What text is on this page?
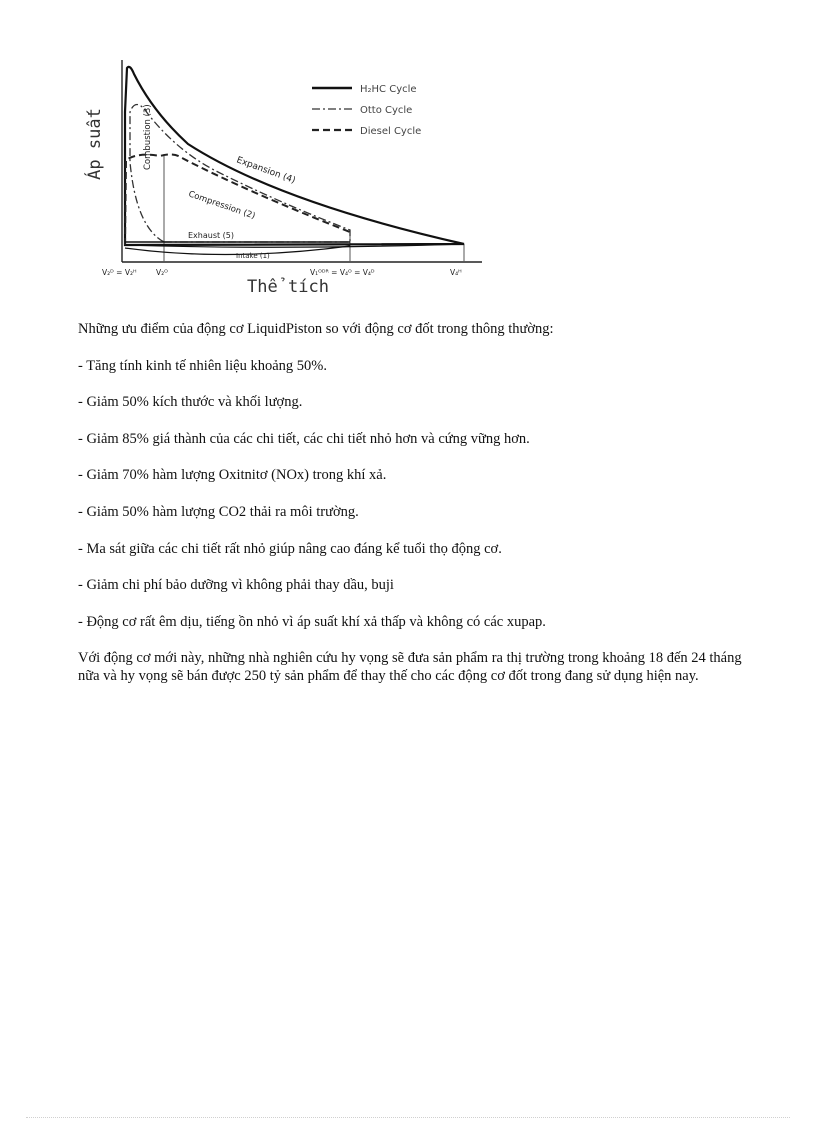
Áp suất	Combustion (3)
Expansion (4)
Compression (2)
Exhaust (5)
Intake (1)
H₂HC Cycle
Otto Cycle
Diesel Cycle
V₂ᴰ = V₂ᴴ	V₂ᴼ	V₁ᴼᴰᴿ = V₄ᴼ = V₄ᴰ	V₄ᴴ
Thể tích

Những ưu điểm của động cơ LiquidPiston so với động cơ đốt trong thông thường:

- Tăng tính kinh tế nhiên liệu khoảng 50%.

- Giảm 50% kích thước và khối lượng.

- Giảm 85% giá thành của các chi tiết, các chi tiết nhỏ hơn và cứng vững hơn.

- Giảm 70% hàm lượng Oxitnitơ (NOx) trong khí xả.

- Giảm 50% hàm lượng CO2 thải ra môi trường.

- Ma sát giữa các chi tiết rất nhỏ giúp nâng cao đáng kể tuổi thọ động cơ.

- Giảm chi phí bảo dưỡng vì không phải thay dầu, buji

- Động cơ rất êm dịu, tiếng ồn nhỏ vì áp suất khí xả thấp và không có các xupap.

Với động cơ mới này, những nhà nghiên cứu hy vọng sẽ đưa sản phẩm ra thị trường trong khoảng 18 đến 24 tháng nữa và hy vọng sẽ bán được 250 tỷ sản phẩm để thay thế cho các động cơ đốt trong đang sử dụng hiện nay.
